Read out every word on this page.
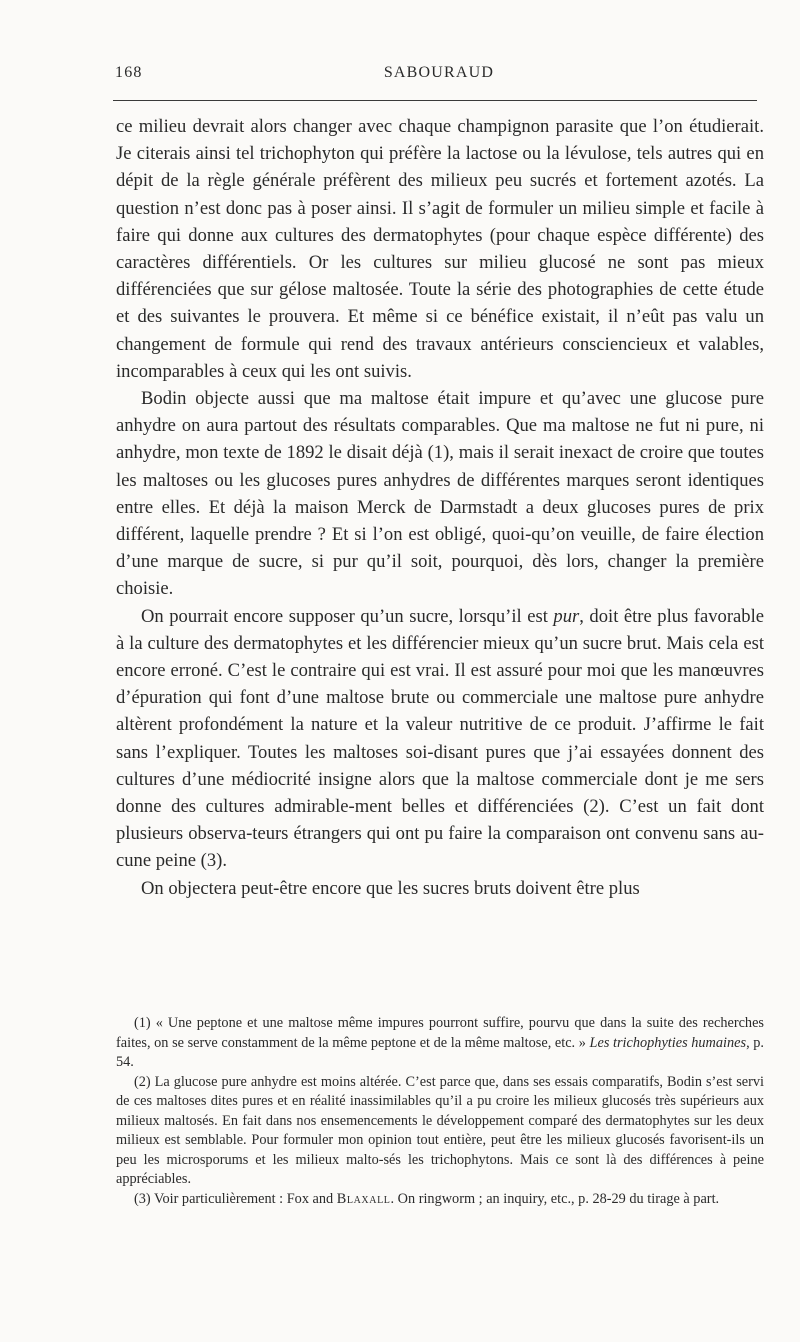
168	SABOURAUD

ce milieu devrait alors changer avec chaque champignon parasite que l’on étudierait. Je citerais ainsi tel trichophyton qui préfère la lactose ou la lévulose, tels autres qui en dépit de la règle générale préfèrent des milieux peu sucrés et fortement azotés. La question n’est donc pas à poser ainsi. Il s’agit de formuler un milieu simple et facile à faire qui donne aux cultures des dermatophytes (pour chaque espèce différente) des caractères différentiels. Or les cultures sur milieu glucosé ne sont pas mieux différenciées que sur gélose maltosée. Toute la série des photographies de cette étude et des suivantes le prouvera. Et même si ce bénéfice existait, il n’eût pas valu un changement de formule qui rend des travaux antérieurs consciencieux et valables, incomparables à ceux qui les ont suivis.

Bodin objecte aussi que ma maltose était impure et qu’avec une glucose pure anhydre on aura partout des résultats comparables. Que ma maltose ne fut ni pure, ni anhydre, mon texte de 1892 le disait déjà (1), mais il serait inexact de croire que toutes les maltoses ou les glucoses pures anhydres de différentes marques seront identiques entre elles. Et déjà la maison Merck de Darmstadt a deux glucoses pures de prix différent, laquelle prendre ? Et si l’on est obligé, quoi-qu’on veuille, de faire élection d’une marque de sucre, si pur qu’il soit, pourquoi, dès lors, changer la première choisie.

On pourrait encore supposer qu’un sucre, lorsqu’il est pur, doit être plus favorable à la culture des dermatophytes et les différencier mieux qu’un sucre brut. Mais cela est encore erroné. C’est le contraire qui est vrai. Il est assuré pour moi que les manœuvres d’épuration qui font d’une maltose brute ou commerciale une maltose pure anhydre altèrent profondément la nature et la valeur nutritive de ce produit. J’affirme le fait sans l’expliquer. Toutes les maltoses soi-disant pures que j’ai essayées donnent des cultures d’une médiocrité insigne alors que la maltose commerciale dont je me sers donne des cultures admirable-ment belles et différenciées (2). C’est un fait dont plusieurs observa-teurs étrangers qui ont pu faire la comparaison ont convenu sans au-cune peine (3).

On objectera peut-être encore que les sucres bruts doivent être plus

(1) « Une peptone et une maltose même impures pourront suffire, pourvu que dans la suite des recherches faites, on se serve constamment de la même peptone et de la même maltose, etc. » Les trichophyties humaines, p. 54.

(2) La glucose pure anhydre est moins altérée. C’est parce que, dans ses essais comparatifs, Bodin s’est servi de ces maltoses dites pures et en réalité inassimilables qu’il a pu croire les milieux glucosés très supérieurs aux milieux maltosés. En fait dans nos ensemencements le développement comparé des dermatophytes sur les deux milieux est semblable. Pour formuler mon opinion tout entière, peut être les milieux glucosés favorisent-ils un peu les microsporums et les milieux malto-sés les trichophytons. Mais ce sont là des différences à peine appréciables.

(3) Voir particulièrement : Fox and Blaxall. On ringworm ; an inquiry, etc., p. 28-29 du tirage à part.
